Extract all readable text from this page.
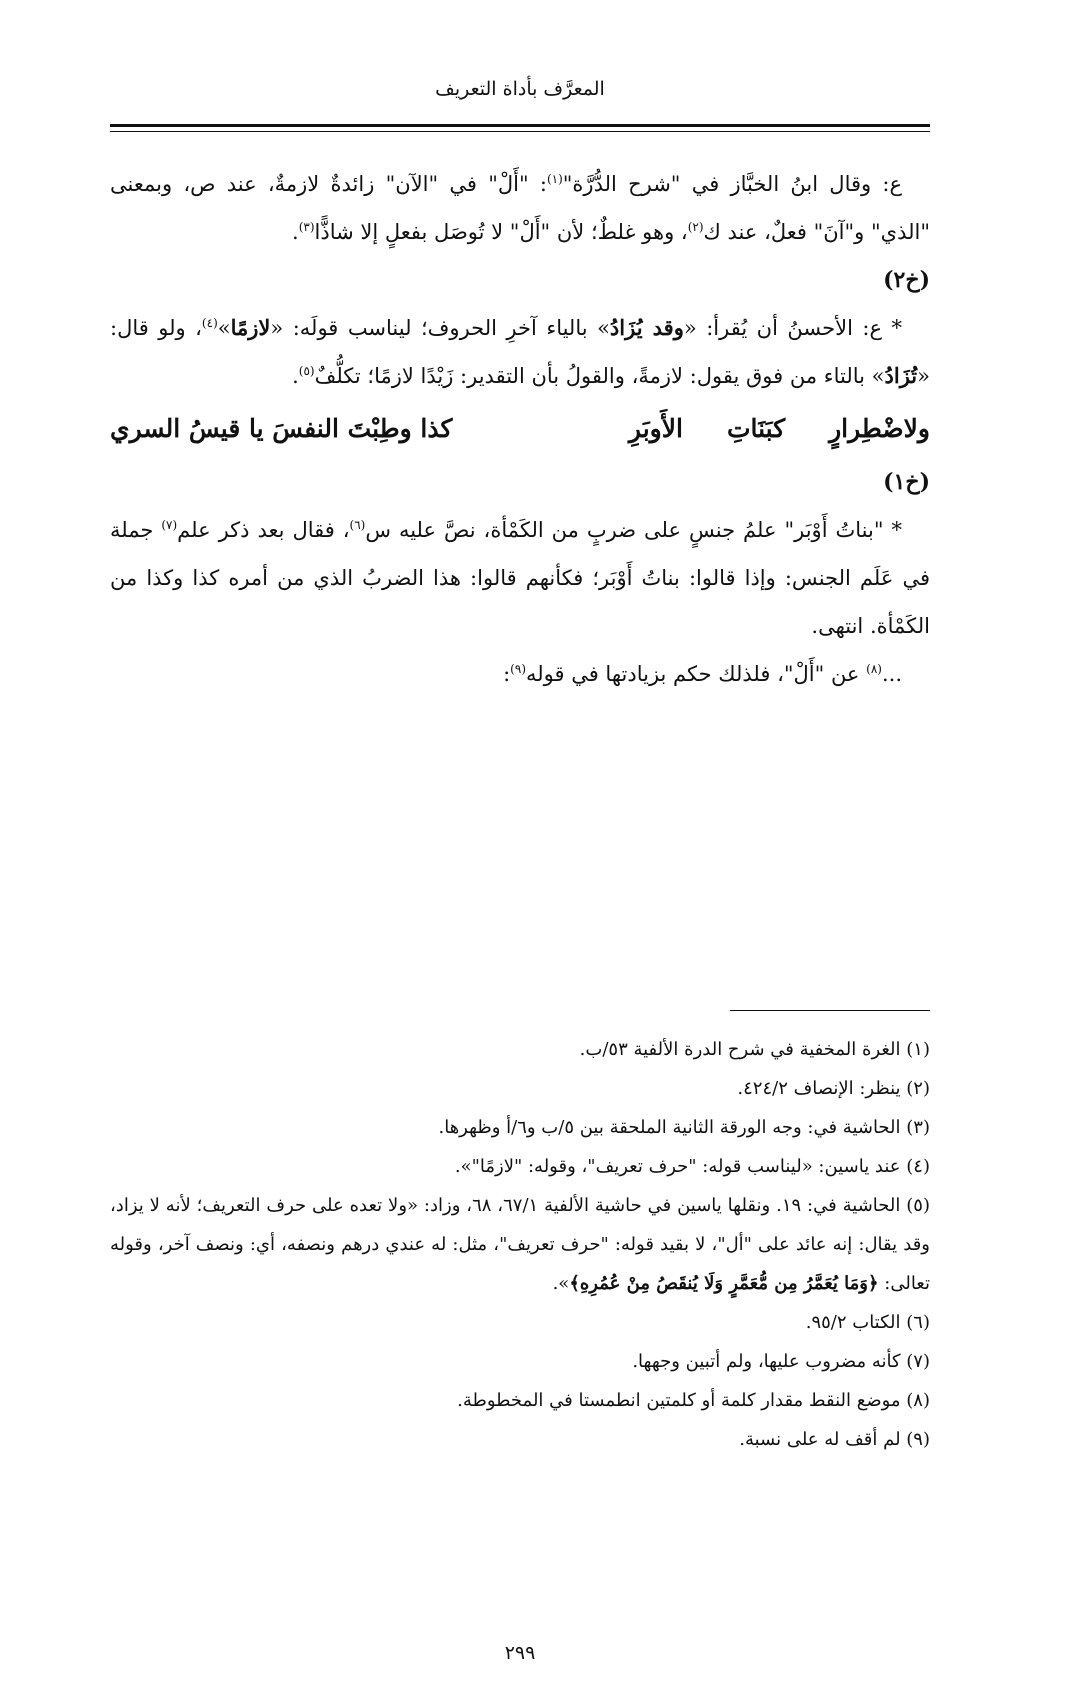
المعرَّف بأداة التعريف

ع: وقال ابنُ الخبَّاز في "شرح الدُّرَّة"$^{(١)}$: "أَلْ" في "الآن" زائدةٌ لازمةٌ، عند ص، وبمعنى "الذي" و"آنَ" فعلٌ، عند ك$^{(٢)}$، وهو غلطٌ؛ لأن "أَلْ" لا تُوصَل بفعلٍ إلا شاذًّا$^{(٣)}$.

(خ٢)

* ع: الأحسنُ أن يُقرأ: «وقد يُزَادُ» بالياء آخرِ الحروف؛ ليناسب قولَه: «لازمًا»$^{(٤)}$، ولو قال: «تُزَادُ» بالتاء من فوق يقول: لازمةً، والقولُ بأن التقدير: زَيْدًا لازمًا؛ تكلُّفٌ$^{(٥)}$.

ولاضْطِرارٍ
كبَنَاتِ
الأَوبَرِ
كذا وطِبْتَ النفسَ يا قيسُ السري

(خ١)

* "بناتُ أَوْبَر" علمُ جنسٍ على ضربٍ من الكَمْأة، نصَّ عليه س$^{(٦)}$، فقال بعد ذكر علم$^{(٧)}$ جملة في عَلَم الجنس: وإذا قالوا: بناتُ أَوْبَر؛ فكأنهم قالوا: هذا الضربُ الذي من أمره كذا وكذا من الكَمْأة. انتهى.

...$^{(٨)}$ عن "أَلْ"، فلذلك حكم بزيادتها في قوله$^{(٩)}$:

(١) الغرة المخفية في شرح الدرة الألفية ٥٣/ب.
(٢) ينظر: الإنصاف ٤٢٤/٢.
(٣) الحاشية في: وجه الورقة الثانية الملحقة بين ٥/ب و٦/أ وظهرها.
(٤) عند ياسين: «ليناسب قوله: "حرف تعريف"، وقوله: "لازمًا"».
(٥) الحاشية في: ١٩. ونقلها ياسين في حاشية الألفية ٦٧/١، ٦٨، وزاد: «ولا تعده على حرف التعريف؛ لأنه لا يزاد، وقد يقال: إنه عائد على "أل"، لا بقيد قوله: "حرف تعريف"، مثل: له عندي درهم ونصفه، أي: ونصف آخر، وقوله تعالى: ﴿وَمَا يُعَمَّرُ مِن مُّعَمَّرٍ وَلَا يُنقَصُ مِنْ عُمُرِهِ﴾».
(٦) الكتاب ٩٥/٢.
(٧) كأنه مضروب عليها، ولم أتبين وجهها.
(٨) موضع النقط مقدار كلمة أو كلمتين انطمستا في المخطوطة.
(٩) لم أقف له على نسبة.
٢٩٩
